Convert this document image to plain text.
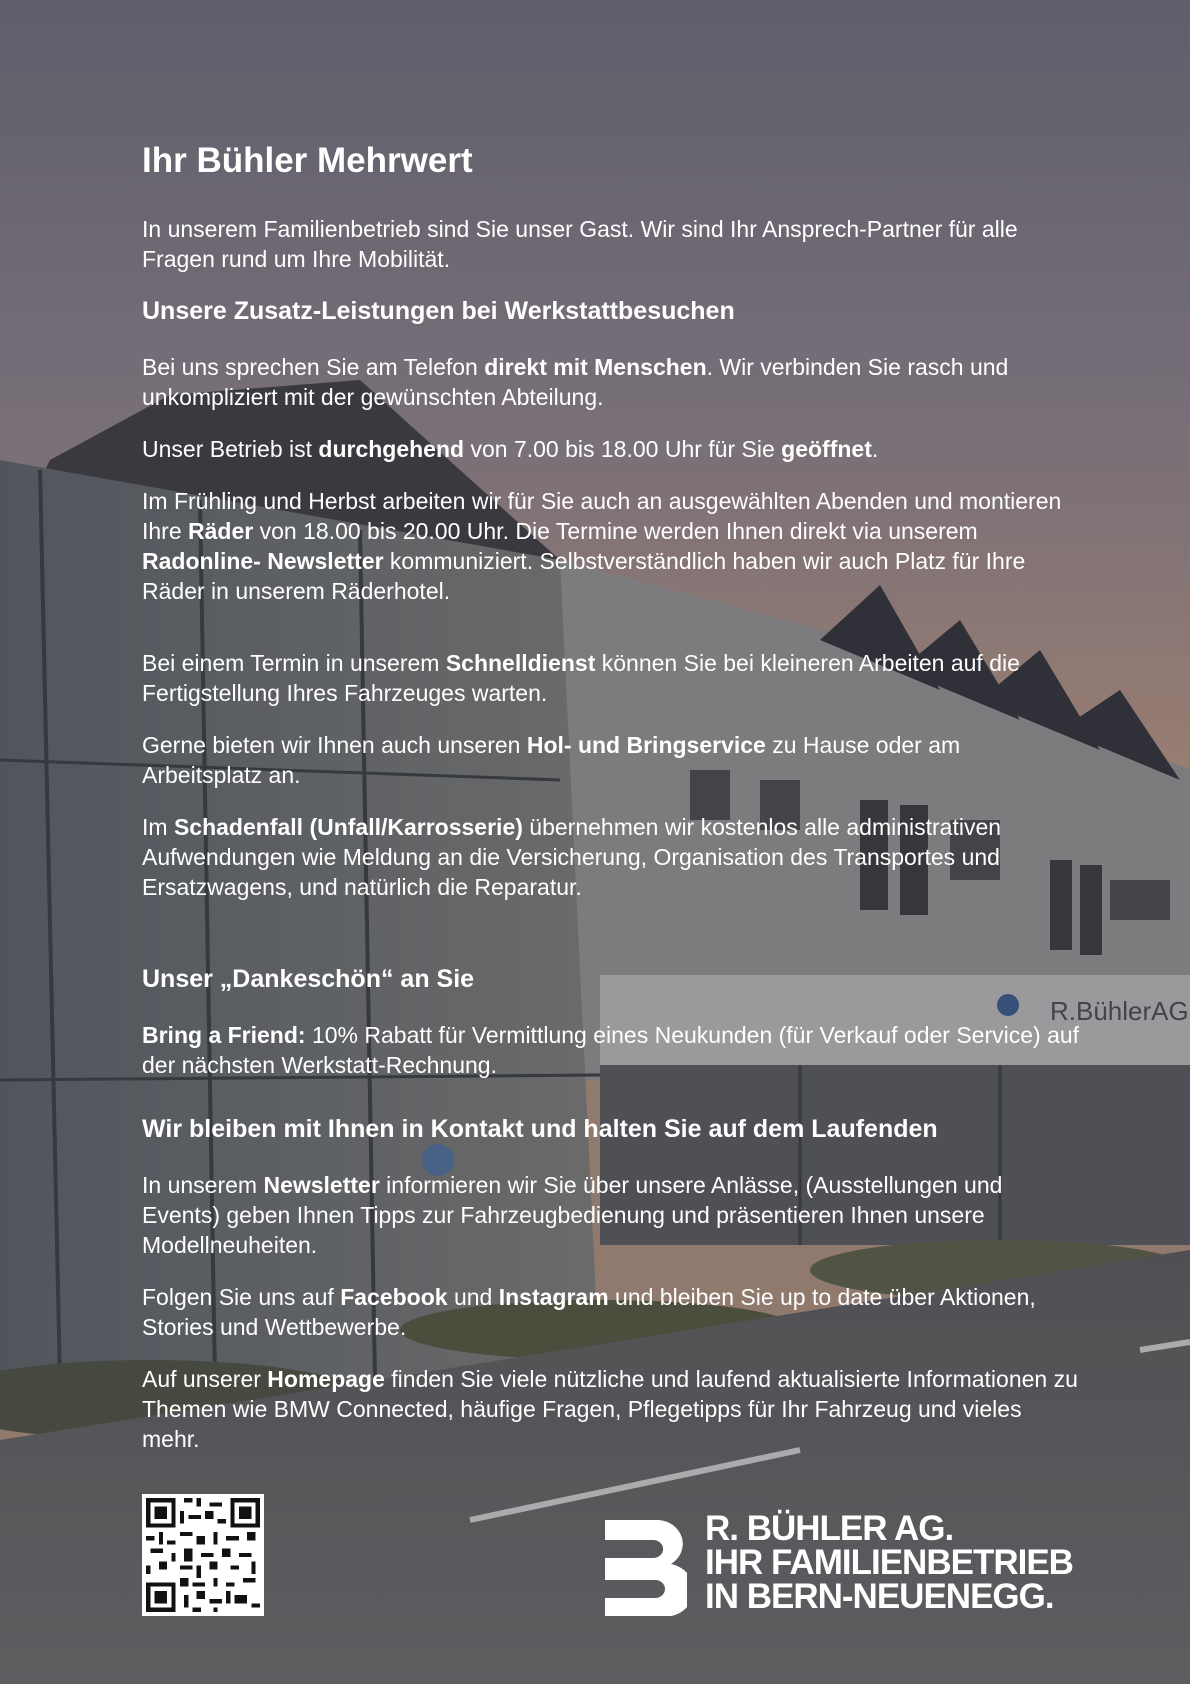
R.BühlerAG
Ihr Bühler Mehrwert

In unserem Familienbetrieb sind Sie unser Gast. Wir sind Ihr Ansprech-Partner für alle Fragen rund um Ihre Mobilität.

Unsere Zusatz-Leistungen bei Werkstattbesuchen

Bei uns sprechen Sie am Telefon direkt mit Menschen. Wir verbinden Sie rasch und unkompliziert mit der gewünschten Abteilung.

Unser Betrieb ist durchgehend von 7.00 bis 18.00 Uhr für Sie geöffnet.

Im Frühling und Herbst arbeiten wir für Sie auch an ausgewählten Abenden und montieren Ihre Räder von 18.00 bis 20.00 Uhr. Die Termine werden Ihnen direkt via unserem Radonline- Newsletter kommuniziert. Selbstverständlich haben wir auch Platz für Ihre Räder in unserem Räderhotel.

Bei einem Termin in unserem Schnelldienst können Sie bei kleineren Arbeiten auf die Fertigstellung Ihres Fahrzeuges warten.

Gerne bieten wir Ihnen auch unseren Hol- und Bringservice zu Hause oder am Arbeitsplatz an.

Im Schadenfall (Unfall/Karrosserie) übernehmen wir kostenlos alle administrativen Aufwendungen wie Meldung an die Versicherung, Organisation des Transportes und Ersatzwagens, und natürlich die Reparatur.

Unser „Dankeschön“ an Sie

Bring a Friend: 10% Rabatt für Vermittlung eines Neukunden (für Verkauf oder Service) auf der nächsten Werkstatt-Rechnung.

Wir bleiben mit Ihnen in Kontakt und halten Sie auf dem Laufenden

In unserem Newsletter informieren wir Sie über unsere Anlässe, (Ausstellungen und Events) geben Ihnen Tipps zur Fahrzeugbedienung und präsentieren Ihnen unsere Modellneuheiten.

Folgen Sie uns auf Facebook und Instagram und bleiben Sie up to date über Aktionen, Stories und Wettbewerbe.

Auf unserer Homepage finden Sie viele nützliche und laufend aktualisierte Informationen zu Themen wie BMW Connected, häufige Fragen, Pflegetipps für Ihr Fahrzeug und vieles mehr.

R. BÜHLER AG.
IHR FAMILIENBETRIEB
IN BERN-NEUENEGG.
